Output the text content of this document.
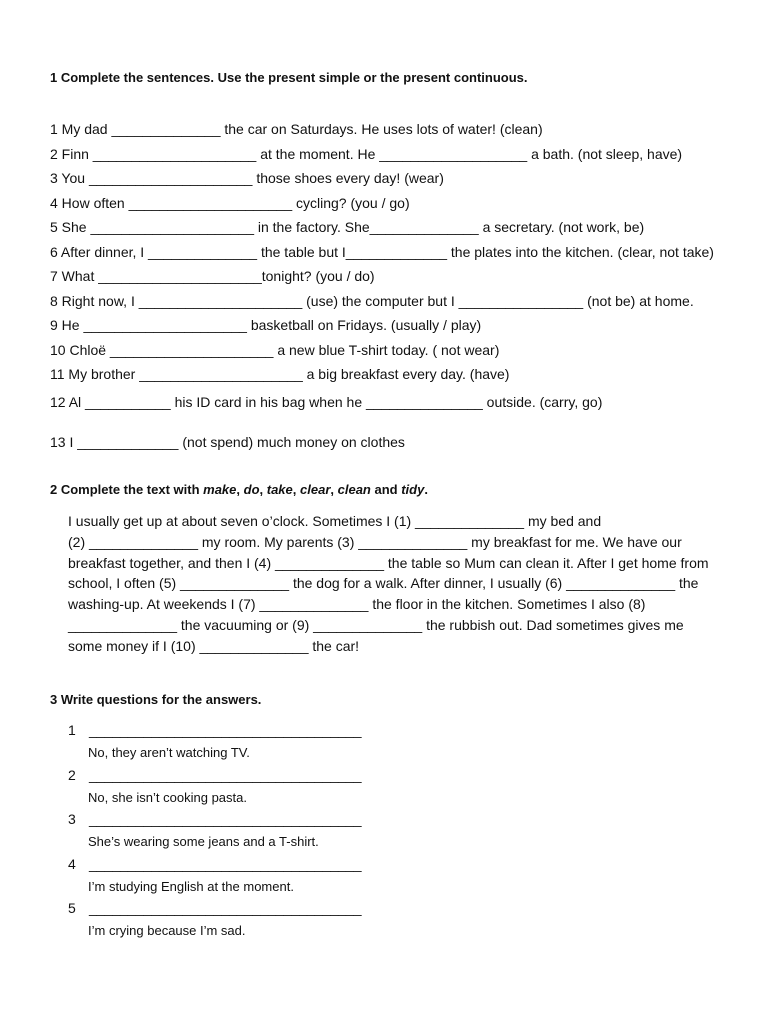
1 Complete the sentences. Use the present simple or the present continuous.
1 My dad ______________ the car on Saturdays. He uses lots of water! (clean)
2 Finn _____________________ at the moment. He ___________________ a bath. (not sleep, have)
3 You _____________________ those shoes every day! (wear)
4 How often _____________________ cycling? (you / go)
5 She _____________________ in the factory. She______________ a secretary. (not work, be)
6 After dinner, I ______________ the table but I_____________ the plates into the kitchen. (clear, not take)
7 What _____________________tonight? (you / do)
8 Right now, I _____________________ (use) the computer but I ________________ (not be) at home.
9 He _____________________ basketball on Fridays. (usually / play)
10 Chloë _____________________ a new blue T-shirt today. ( not wear)
11 My brother _____________________ a big breakfast every day. (have)
12 Al ___________ his ID card in his bag when he _______________ outside. (carry, go)
13 I _____________ (not spend) much money on clothes
2 Complete the text with make, do, take, clear, clean and tidy.

I usually get up at about seven o’clock. Sometimes I (1) ______________ my bed and

(2) ______________ my room. My parents (3) ______________ my breakfast for me. We have our

breakfast together, and then I (4) ______________ the table so Mum can clean it. After I get home from

school, I often (5) ______________ the dog for a walk. After dinner, I usually (6) ______________ the

washing-up. At weekends I (7) ______________ the floor in the kitchen. Sometimes I also (8)

______________ the vacuuming or (9) ______________ the rubbish out. Dad sometimes gives me

some money if I (10) ______________ the car!

3 Write questions for the answers.
1 ___________________________________
No, they aren’t watching TV.
2 ___________________________________
No, she isn’t cooking pasta.
3 ___________________________________
She’s wearing some jeans and a T-shirt.
4 ___________________________________
I’m studying English at the moment.
5 ___________________________________
I’m crying because I’m sad.
